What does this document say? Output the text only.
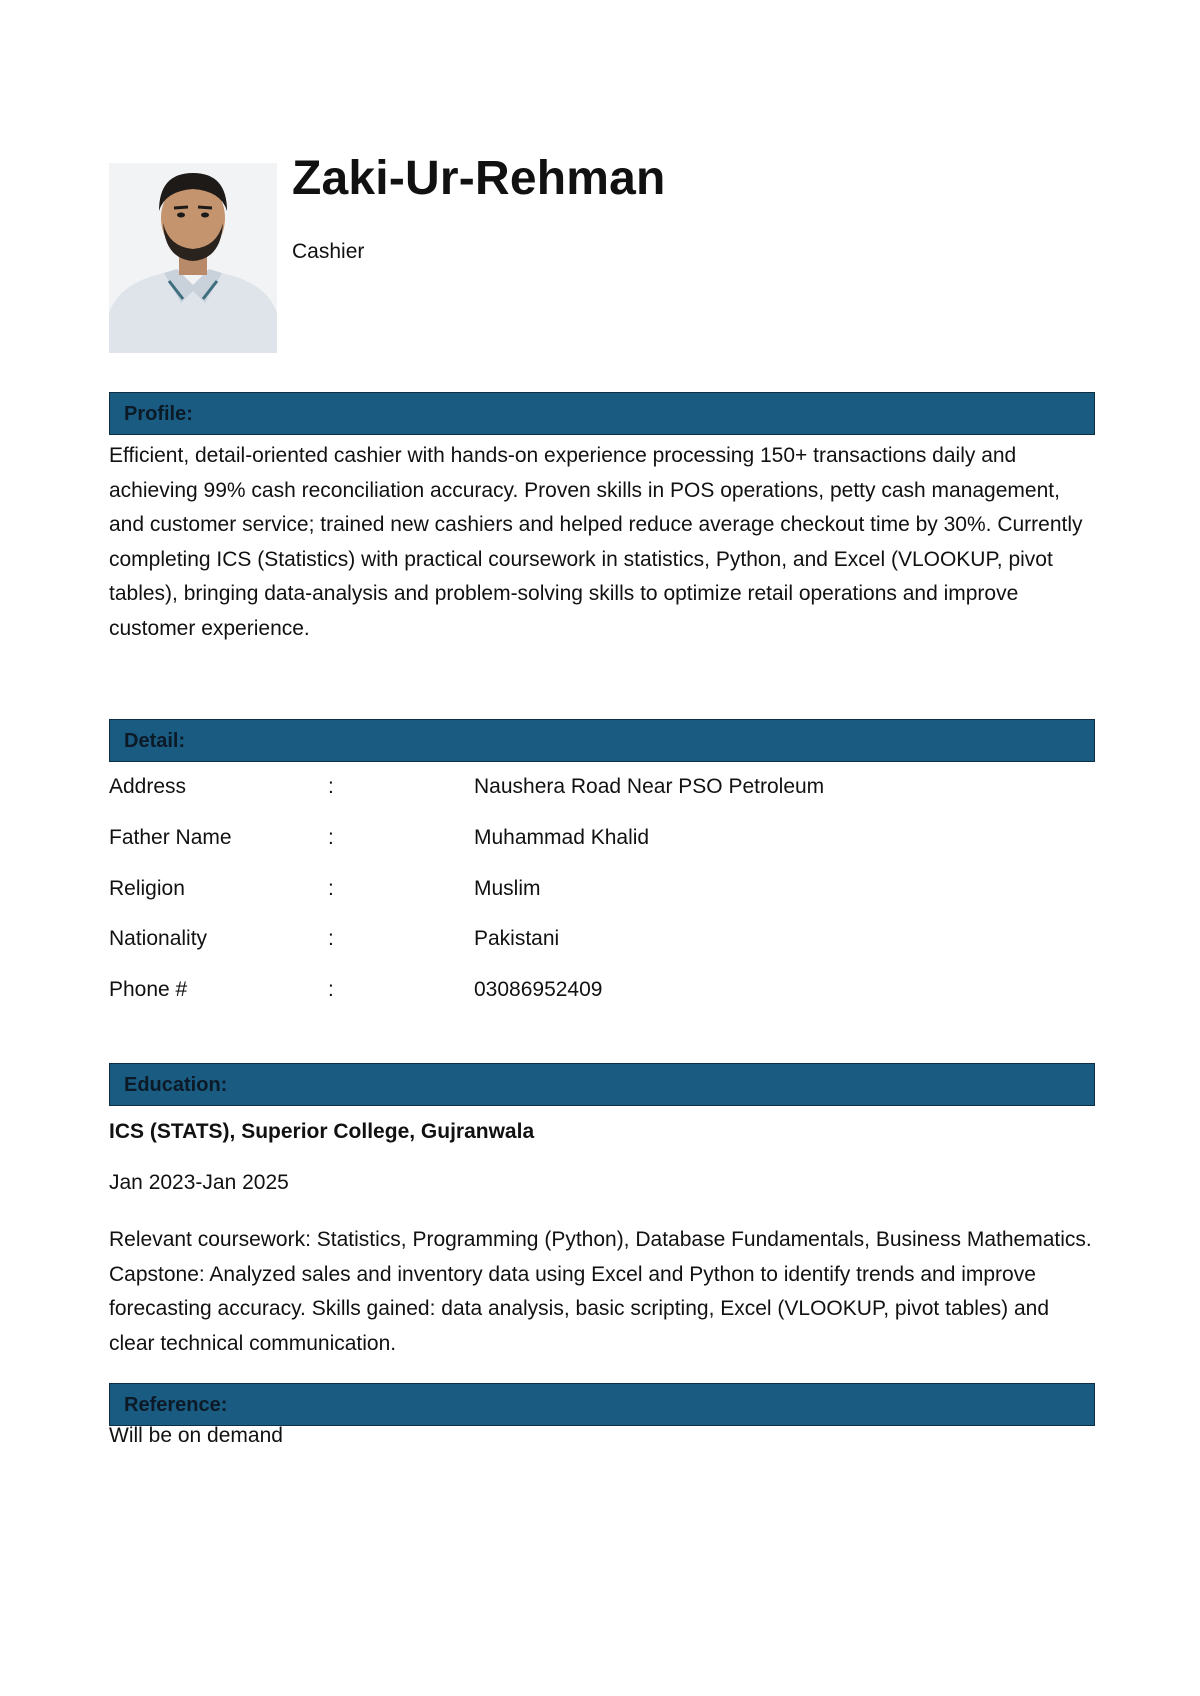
Zaki-Ur-Rehman
Cashier
Profile:

Efficient, detail-oriented cashier with hands-on experience processing 150+ transactions daily and achieving 99% cash reconciliation accuracy. Proven skills in POS operations, petty cash management, and customer service; trained new cashiers and helped reduce average checkout time by 30%. Currently completing ICS (Statistics) with practical coursework in statistics, Python, and Excel (VLOOKUP, pivot tables), bringing data-analysis and problem-solving skills to optimize retail operations and improve customer experience.

Detail:
Address	:	Naushera Road Near PSO Petroleum
Father Name	:	Muhammad Khalid
Religion	:	Muslim
Nationality	:	Pakistani
Phone #	:	03086952409
Education:
ICS (STATS), Superior College, Gujranwala
Jan 2023-Jan 2025

Relevant coursework: Statistics, Programming (Python), Database Fundamentals, Business Mathematics. Capstone: Analyzed sales and inventory data using Excel and Python to identify trends and improve forecasting accuracy. Skills gained: data analysis, basic scripting, Excel (VLOOKUP, pivot tables) and clear technical communication.

Reference:
Will be on demand
